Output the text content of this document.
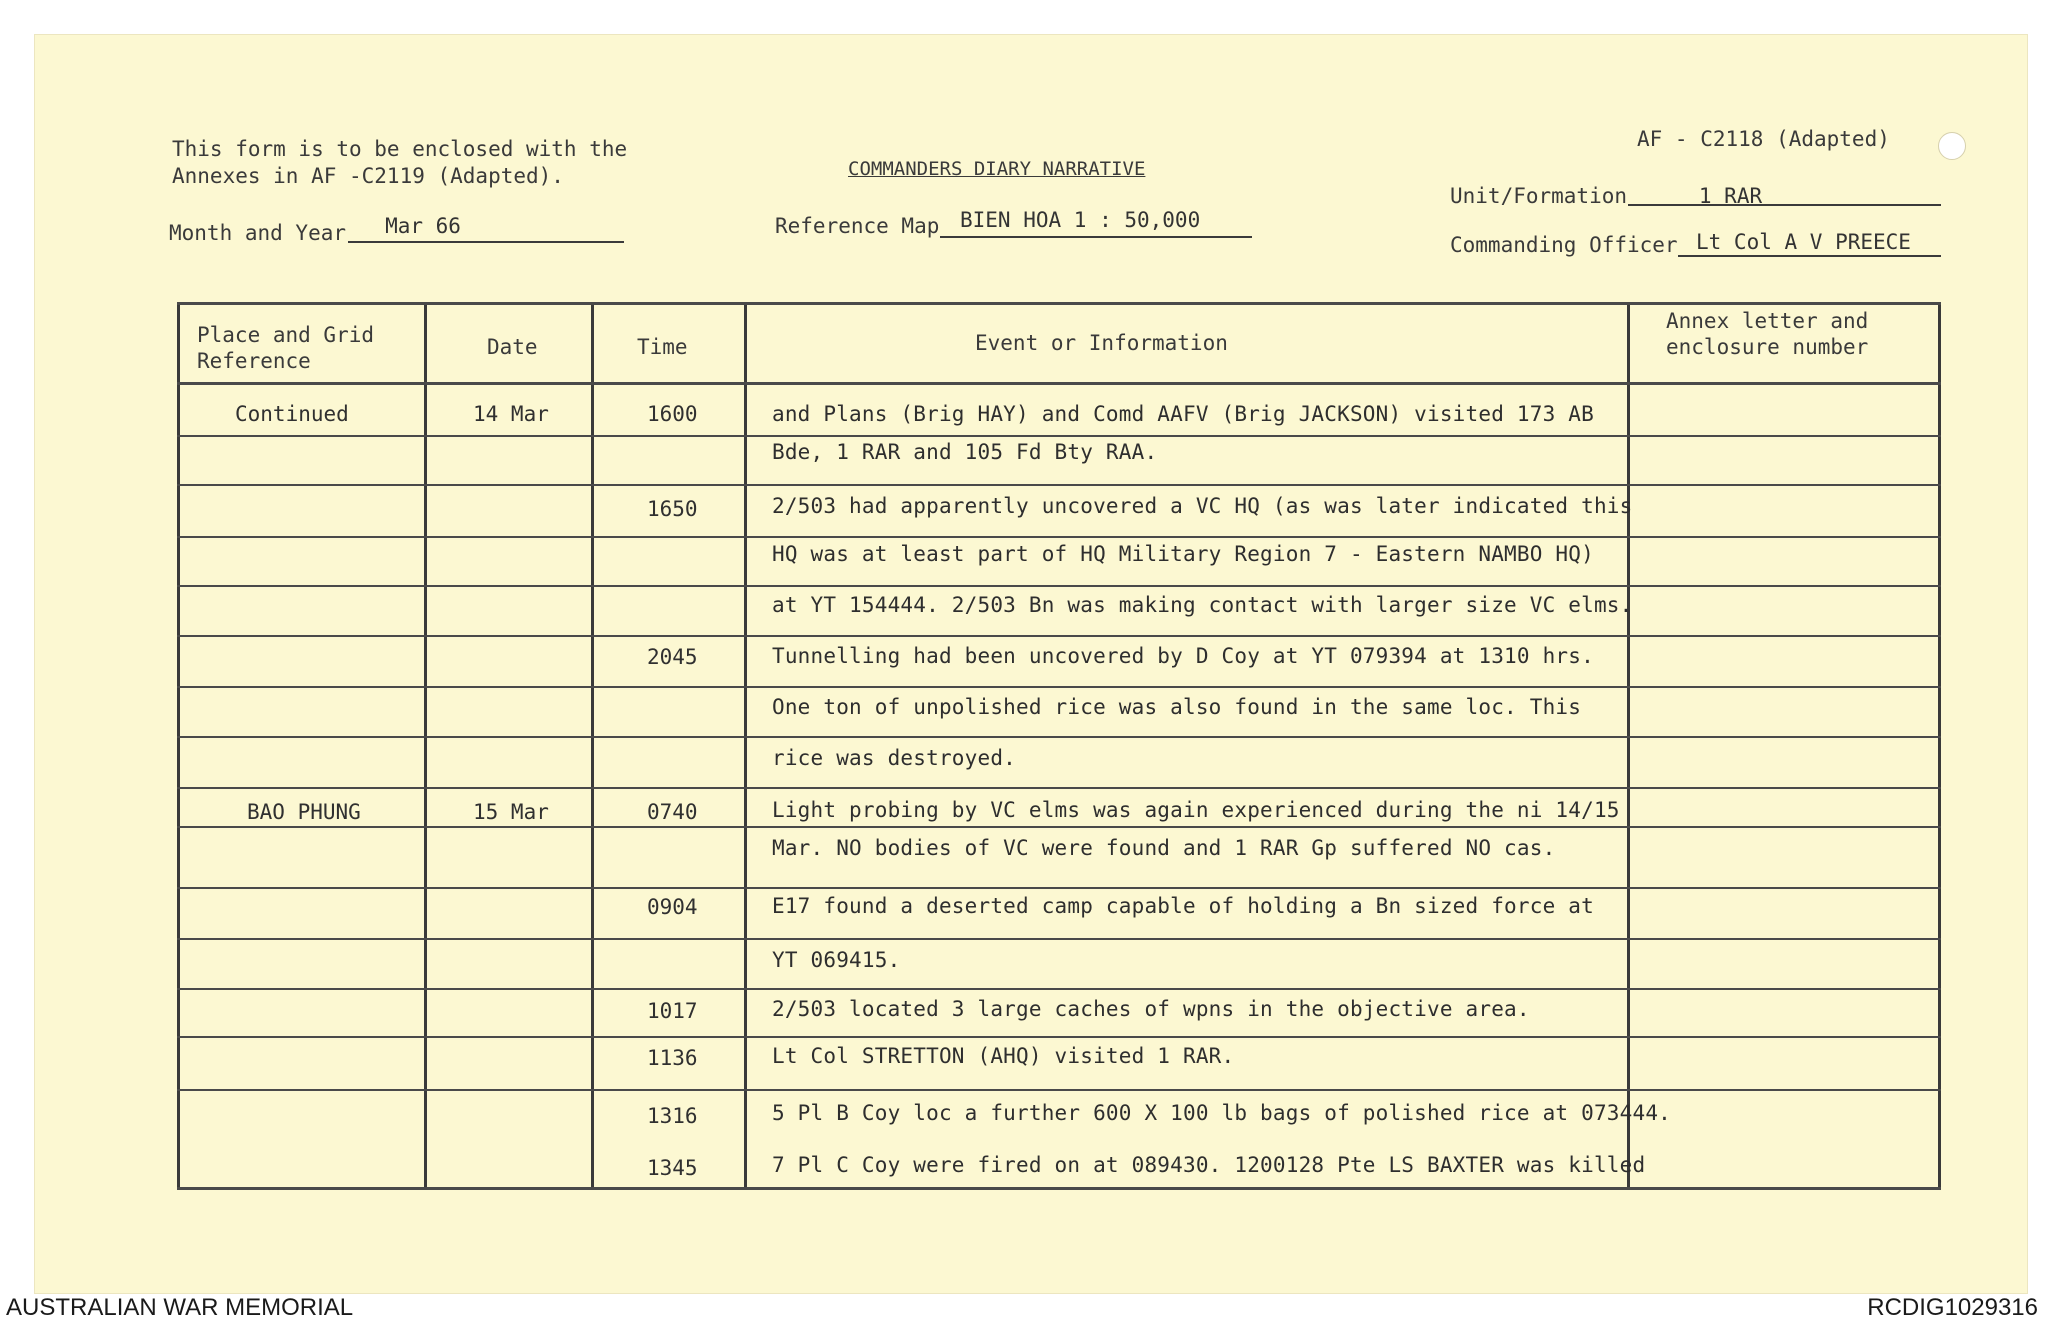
This form is to be enclosed with the
Annexes in AF -C2119 (Adapted).
AF - C2118 (Adapted)
COMMANDERS DIARY NARRATIVE
Month and Year	Mar 66	Reference Map BIEN HOA 1 : 50,000
Unit/Formation	1 RAR
Commanding Officer Lt Col A V PREECE
Place and Grid
Reference
Date	Time	Event or Information
Annex letter and
enclosure number
Continued	14 Mar	1600	and Plans (Brig HAY) and Comd AAFV (Brig JACKSON) visited 173 AB
Bde, 1 RAR and 105 Fd Bty RAA.
1650	2/503 had apparently uncovered a VC HQ (as was later indicated this
HQ was at least part of HQ Military Region 7 - Eastern NAMBO HQ)
at YT 154444. 2/503 Bn was making contact with larger size VC elms.
2045	Tunnelling had been uncovered by D Coy at YT 079394 at 1310 hrs.
One ton of unpolished rice was also found in the same loc. This
rice was destroyed.
BAO PHUNG	15 Mar	0740	Light probing by VC elms was again experienced during the ni 14/15
Mar. NO bodies of VC were found and 1 RAR Gp suffered NO cas.
0904	E17 found a deserted camp capable of holding a Bn sized force at
YT 069415.
1017	2/503 located 3 large caches of wpns in the objective area.
1136	Lt Col STRETTON (AHQ) visited 1 RAR.
1316	5 Pl B Coy loc a further 600 X 100 lb bags of polished rice at 073444.
1345	7 Pl C Coy were fired on at 089430. 1200128 Pte LS BAXTER was killed
AUSTRALIAN WAR MEMORIAL	RCDIG1029316
